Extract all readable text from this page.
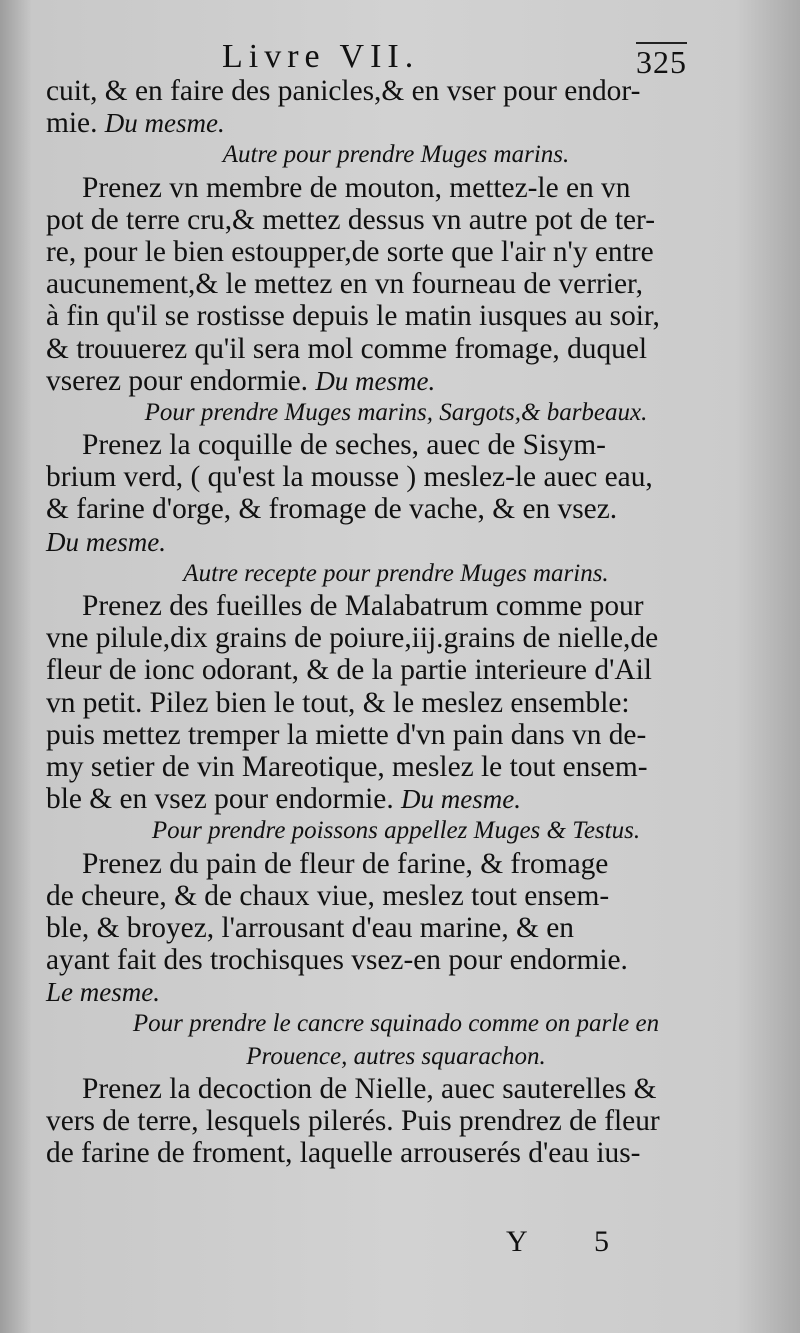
Livre VII.	325
cuit, & en faire des panicles,& en vser pour endor-
mie. Du mesme.
Autre pour prendre Muges marins.
Prenez vn membre de mouton, mettez-le en vn
pot de terre cru,& mettez dessus vn autre pot de ter-
re, pour le bien estoupper,de sorte que l'air n'y entre
aucunement,& le mettez en vn fourneau de verrier,
à fin qu'il se rostisse depuis le matin iusques au soir,
& trouuerez qu'il sera mol comme fromage, duquel
vserez pour endormie. Du mesme.
Pour prendre Muges marins, Sargots,& barbeaux.
Prenez la coquille de seches, auec de Sisym-
brium verd, ( qu'est la mousse ) meslez-le auec eau,
& farine d'orge, & fromage de vache, & en vsez.
Du mesme.
Autre recepte pour prendre Muges marins.
Prenez des fueilles de Malabatrum comme pour
vne pilule,dix grains de poiure,iij.grains de nielle,de
fleur de ionc odorant, & de la partie interieure d'Ail
vn petit. Pilez bien le tout, & le meslez ensemble:
puis mettez tremper la miette d'vn pain dans vn de-
my setier de vin Mareotique, meslez le tout ensem-
ble & en vsez pour endormie. Du mesme.
Pour prendre poissons appellez Muges & Testus.
Prenez du pain de fleur de farine, & fromage
de cheure, & de chaux viue, meslez tout ensem-
ble, & broyez, l'arrousant d'eau marine, & en
ayant fait des trochisques vsez-en pour endormie.
Le mesme.
Pour prendre le cancre squinado comme on parle en
Prouence, autres squarachon.
Prenez la decoction de Nielle, auec sauterelles &
vers de terre, lesquels pilerés. Puis prendrez de fleur
de farine de froment, laquelle arrouserés d'eau ius-
Y 5
